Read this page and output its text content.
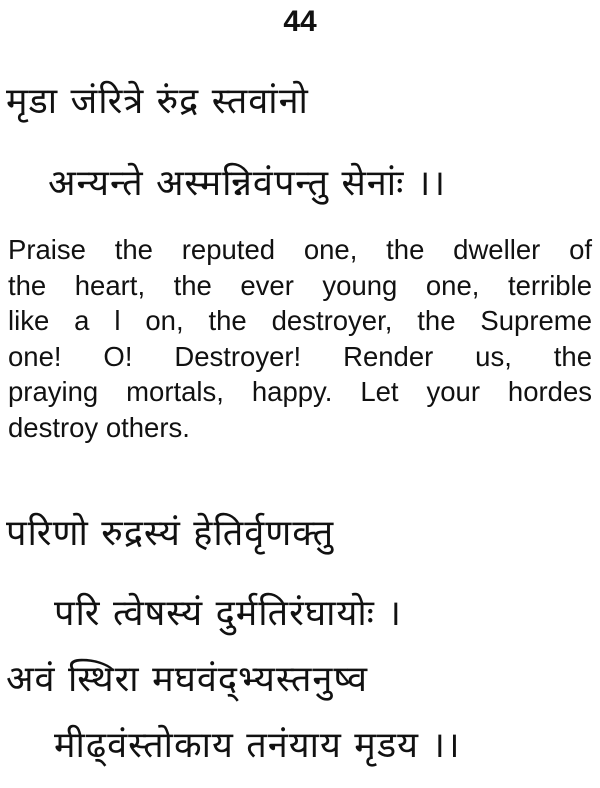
44
मृडा जंरित्रे रुंद्र स्तवांनो
अन्यन्ते अस्मन्निवंपन्तु सेनांः ।।
Praise the reputed one, the dweller of
the heart, the ever young one, terrible
like a l on, the destroyer, the Supreme
one! O! Destroyer! Render us, the
praying mortals, happy. Let your hordes
destroy others.
परिणो रुद्रस्यं हेतिर्वृणक्तु
परि त्वेषस्यं दुर्मतिरंघायोः ।
अवं स्थिरा मघवंद्भ्यस्तनुष्व
मीढ्वंस्तोकाय तनंयाय मृडय ।।
